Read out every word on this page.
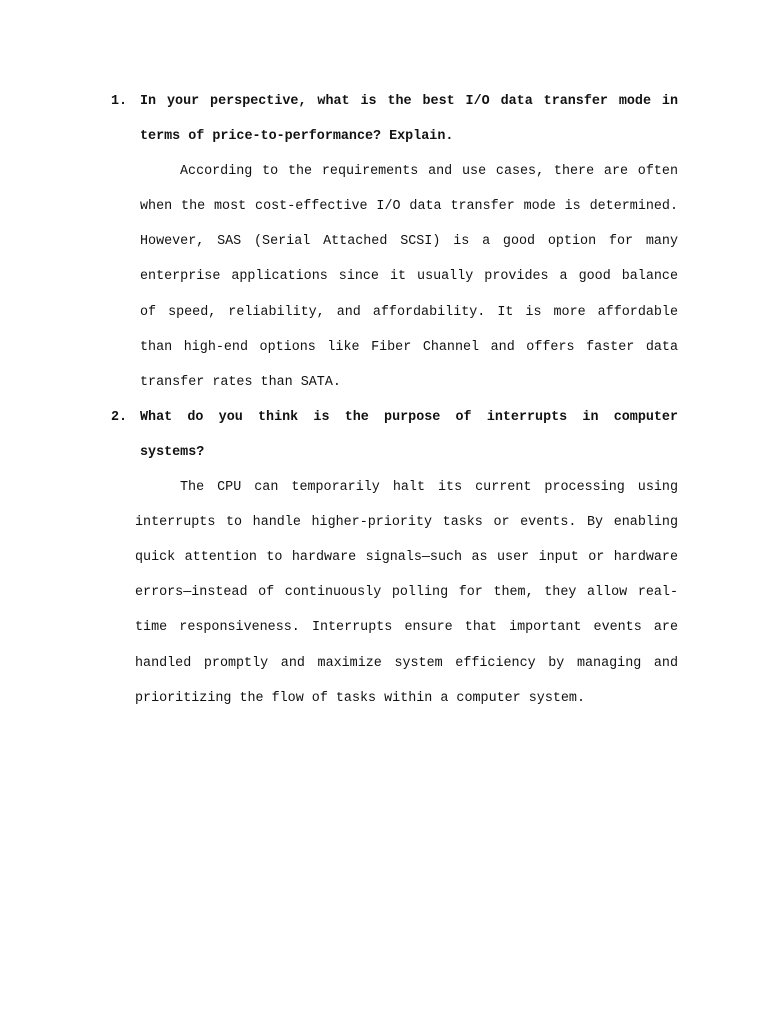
1. In your perspective, what is the best I/O data transfer mode in terms of price-to-performance? Explain.

According to the requirements and use cases, there are often when the most cost-effective I/O data transfer mode is determined. However, SAS (Serial Attached SCSI) is a good option for many enterprise applications since it usually provides a good balance of speed, reliability, and affordability. It is more affordable than high-end options like Fiber Channel and offers faster data transfer rates than SATA.

2. What do you think is the purpose of interrupts in computer systems?

The CPU can temporarily halt its current processing using interrupts to handle higher-priority tasks or events. By enabling quick attention to hardware signals—such as user input or hardware errors—instead of continuously polling for them, they allow real-time responsiveness. Interrupts ensure that important events are handled promptly and maximize system efficiency by managing and prioritizing the flow of tasks within a computer system.
